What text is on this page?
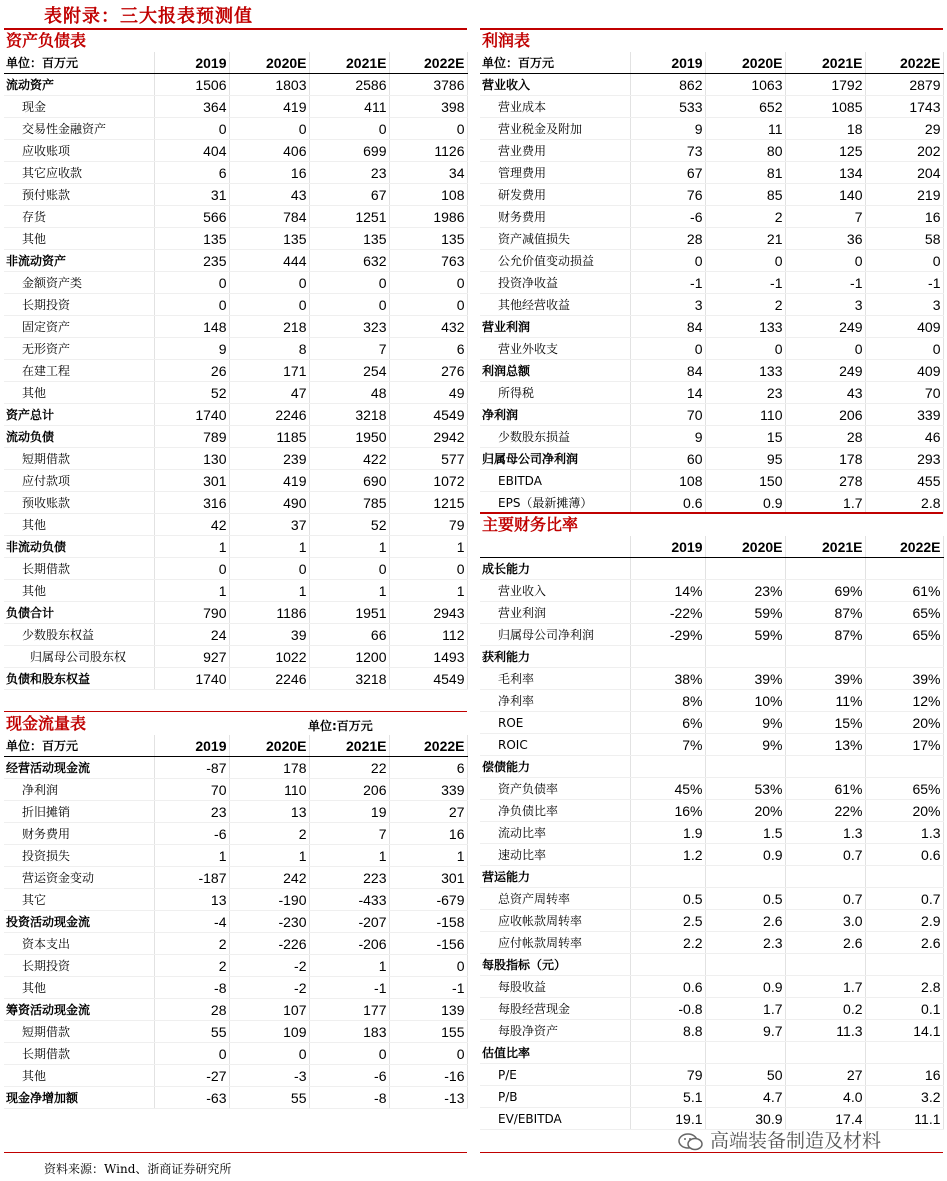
表附录：三大报表预测值
资产负债表
单位：百万元	2019	2020E	2021E	2022E
流动资产	1506	1803	2586	3786
现金	364	419	411	398
交易性金融资产	0	0	0	0
应收账项	404	406	699	1126
其它应收款	6	16	23	34
预付账款	31	43	67	108
存货	566	784	1251	1986
其他	135	135	135	135
非流动资产	235	444	632	763
金额资产类	0	0	0	0
长期投资	0	0	0	0
固定资产	148	218	323	432
无形资产	9	8	7	6
在建工程	26	171	254	276
其他	52	47	48	49
资产总计	1740	2246	3218	4549
流动负债	789	1185	1950	2942
短期借款	130	239	422	577
应付款项	301	419	690	1072
预收账款	316	490	785	1215
其他	42	37	52	79
非流动负债	1	1	1	1
长期借款	0	0	0	0
其他	1	1	1	1
负债合计	790	1186	1951	2943
少数股东权益	24	39	66	112
归属母公司股东权	927	1022	1200	1493
负债和股东权益	1740	2246	3218	4549
现金流量表	单位:百万元
单位：百万元	2019	2020E	2021E	2022E
经营活动现金流	-87	178	22	6
净利润	70	110	206	339
折旧摊销	23	13	19	27
财务费用	-6	2	7	16
投资损失	1	1	1	1
营运资金变动	-187	242	223	301
其它	13	-190	-433	-679
投资活动现金流	-4	-230	-207	-158
资本支出	2	-226	-206	-156
长期投资	2	-2	1	0
其他	-8	-2	-1	-1
筹资活动现金流	28	107	177	139
短期借款	55	109	183	155
长期借款	0	0	0	0
其他	-27	-3	-6	-16
现金净增加额	-63	55	-8	-13
利润表
单位：百万元	2019	2020E	2021E	2022E
营业收入	862	1063	1792	2879
营业成本	533	652	1085	1743
营业税金及附加	9	11	18	29
营业费用	73	80	125	202
管理费用	67	81	134	204
研发费用	76	85	140	219
财务费用	-6	2	7	16
资产减值损失	28	21	36	58
公允价值变动损益	0	0	0	0
投资净收益	-1	-1	-1	-1
其他经营收益	3	2	3	3
营业利润	84	133	249	409
营业外收支	0	0	0	0
利润总额	84	133	249	409
所得税	14	23	43	70
净利润	70	110	206	339
少数股东损益	9	15	28	46
归属母公司净利润	60	95	178	293
EBITDA	108	150	278	455
EPS（最新摊薄）	0.6	0.9	1.7	2.8
主要财务比率
	2019	2020E	2021E	2022E
成长能力				
营业收入	14%	23%	69%	61%
营业利润	-22%	59%	87%	65%
归属母公司净利润	-29%	59%	87%	65%
获利能力				
毛利率	38%	39%	39%	39%
净利率	8%	10%	11%	12%
ROE	6%	9%	15%	20%
ROIC	7%	9%	13%	17%
偿债能力				
资产负债率	45%	53%	61%	65%
净负债比率	16%	20%	22%	20%
流动比率	1.9	1.5	1.3	1.3
速动比率	1.2	0.9	0.7	0.6
营运能力				
总资产周转率	0.5	0.5	0.7	0.7
应收帐款周转率	2.5	2.6	3.0	2.9
应付帐款周转率	2.2	2.3	2.6	2.6
每股指标（元）				
每股收益	0.6	0.9	1.7	2.8
每股经营现金	-0.8	1.7	0.2	0.1
每股净资产	8.8	9.7	11.3	14.1
估值比率				
P/E	79	50	27	16
P/B	5.1	4.7	4.0	3.2
EV/EBITDA	19.1	30.9	17.4	11.1
资料来源：Wind、浙商证券研究所
高端装备制造及材料
